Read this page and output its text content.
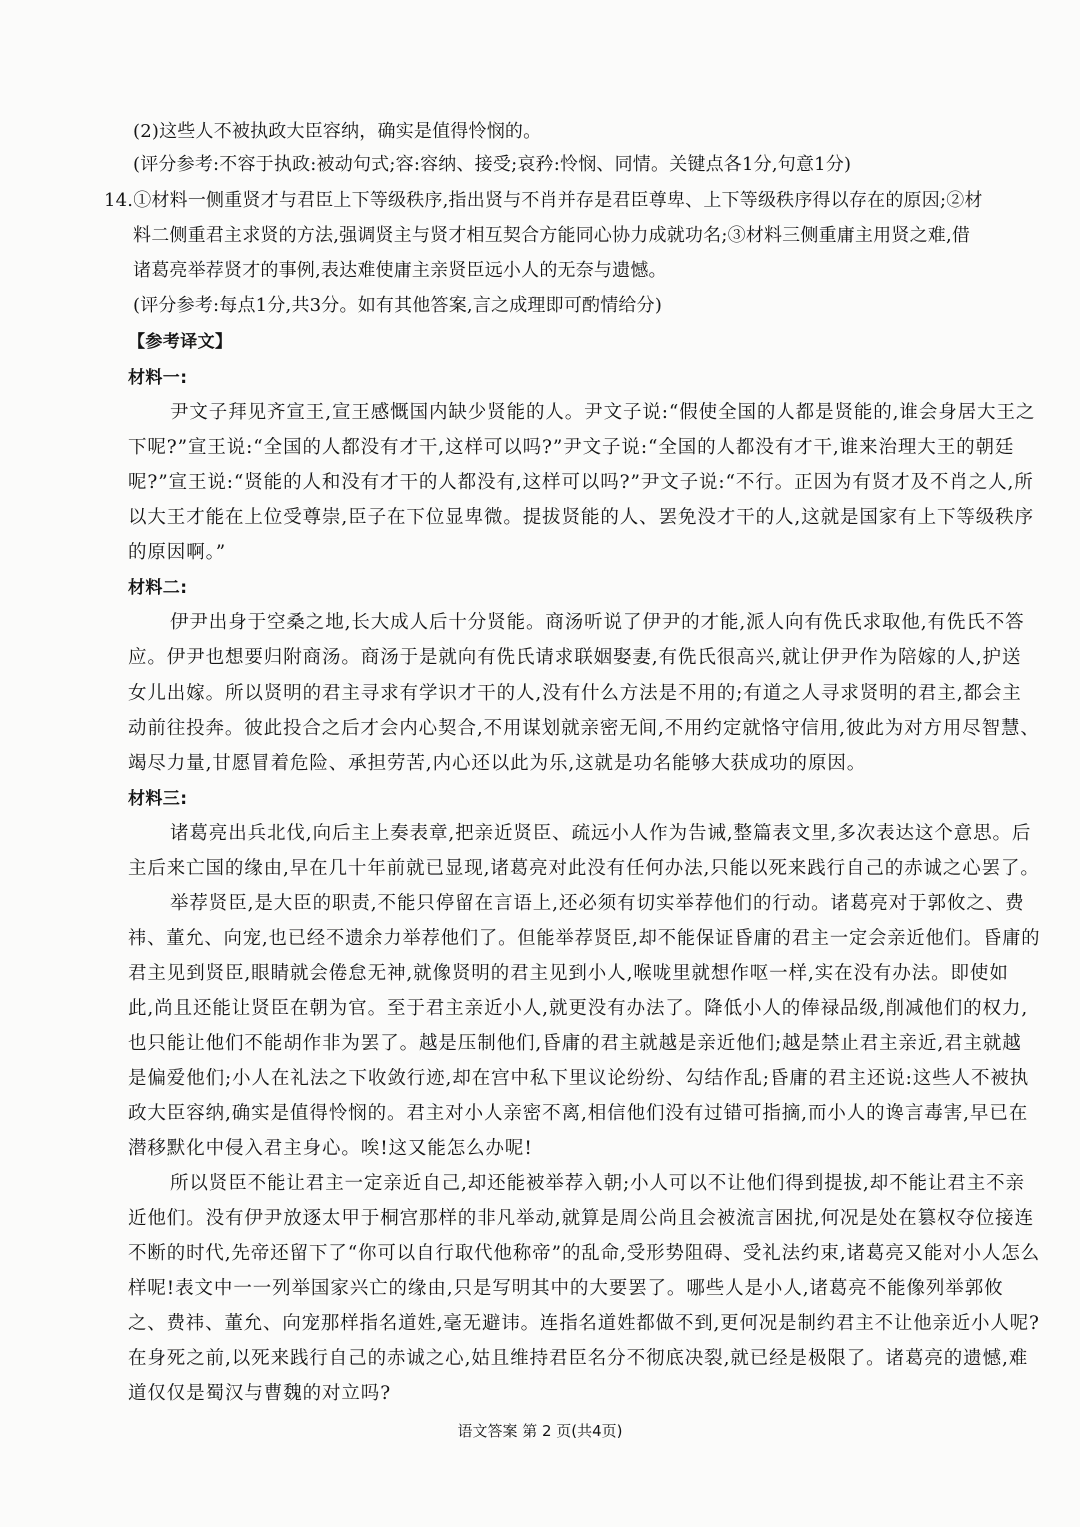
(2)这些人不被执政大臣容纳，确实是值得怜悯的。
(评分参考:不容于执政:被动句式;容:容纳、接受;哀矜:怜悯、同情。关键点各1分,句意1分)
14.①材料一侧重贤才与君臣上下等级秩序,指出贤与不肖并存是君臣尊卑、上下等级秩序得以存在的原因;②材
料二侧重君主求贤的方法,强调贤主与贤才相互契合方能同心协力成就功名;③材料三侧重庸主用贤之难,借
诸葛亮举荐贤才的事例,表达难使庸主亲贤臣远小人的无奈与遗憾。
(评分参考:每点1分,共3分。如有其他答案,言之成理即可酌情给分)
【参考译文】
材料一:
尹文子拜见齐宣王,宣王感慨国内缺少贤能的人。尹文子说:“假使全国的人都是贤能的,谁会身居大王之
下呢?”宣王说:“全国的人都没有才干,这样可以吗?”尹文子说:“全国的人都没有才干,谁来治理大王的朝廷
呢?”宣王说:“贤能的人和没有才干的人都没有,这样可以吗?”尹文子说:“不行。正因为有贤才及不肖之人,所
以大王才能在上位受尊崇,臣子在下位显卑微。提拔贤能的人、罢免没才干的人,这就是国家有上下等级秩序
的原因啊。”
材料二:
伊尹出身于空桑之地,长大成人后十分贤能。商汤听说了伊尹的才能,派人向有侁氏求取他,有侁氏不答
应。伊尹也想要归附商汤。商汤于是就向有侁氏请求联姻娶妻,有侁氏很高兴,就让伊尹作为陪嫁的人,护送
女儿出嫁。所以贤明的君主寻求有学识才干的人,没有什么方法是不用的;有道之人寻求贤明的君主,都会主
动前往投奔。彼此投合之后才会内心契合,不用谋划就亲密无间,不用约定就恪守信用,彼此为对方用尽智慧、
竭尽力量,甘愿冒着危险、承担劳苦,内心还以此为乐,这就是功名能够大获成功的原因。
材料三:
诸葛亮出兵北伐,向后主上奏表章,把亲近贤臣、疏远小人作为告诫,整篇表文里,多次表达这个意思。后
主后来亡国的缘由,早在几十年前就已显现,诸葛亮对此没有任何办法,只能以死来践行自己的赤诚之心罢了。
举荐贤臣,是大臣的职责,不能只停留在言语上,还必须有切实举荐他们的行动。诸葛亮对于郭攸之、费
祎、董允、向宠,也已经不遗余力举荐他们了。但能举荐贤臣,却不能保证昏庸的君主一定会亲近他们。昏庸的
君主见到贤臣,眼睛就会倦怠无神,就像贤明的君主见到小人,喉咙里就想作呕一样,实在没有办法。即使如
此,尚且还能让贤臣在朝为官。至于君主亲近小人,就更没有办法了。降低小人的俸禄品级,削减他们的权力,
也只能让他们不能胡作非为罢了。越是压制他们,昏庸的君主就越是亲近他们;越是禁止君主亲近,君主就越
是偏爱他们;小人在礼法之下收敛行迹,却在宫中私下里议论纷纷、勾结作乱;昏庸的君主还说:这些人不被执
政大臣容纳,确实是值得怜悯的。君主对小人亲密不离,相信他们没有过错可指摘,而小人的谗言毒害,早已在
潜移默化中侵入君主身心。唉!这又能怎么办呢!
所以贤臣不能让君主一定亲近自己,却还能被举荐入朝;小人可以不让他们得到提拔,却不能让君主不亲
近他们。没有伊尹放逐太甲于桐宫那样的非凡举动,就算是周公尚且会被流言困扰,何况是处在篡权夺位接连
不断的时代,先帝还留下了“你可以自行取代他称帝”的乱命,受形势阻碍、受礼法约束,诸葛亮又能对小人怎么
样呢!表文中一一列举国家兴亡的缘由,只是写明其中的大要罢了。哪些人是小人,诸葛亮不能像列举郭攸
之、费祎、董允、向宠那样指名道姓,毫无避讳。连指名道姓都做不到,更何况是制约君主不让他亲近小人呢?
在身死之前,以死来践行自己的赤诚之心,姑且维持君臣名分不彻底决裂,就已经是极限了。诸葛亮的遗憾,难
道仅仅是蜀汉与曹魏的对立吗?
语文答案 第 2 页(共4页)
